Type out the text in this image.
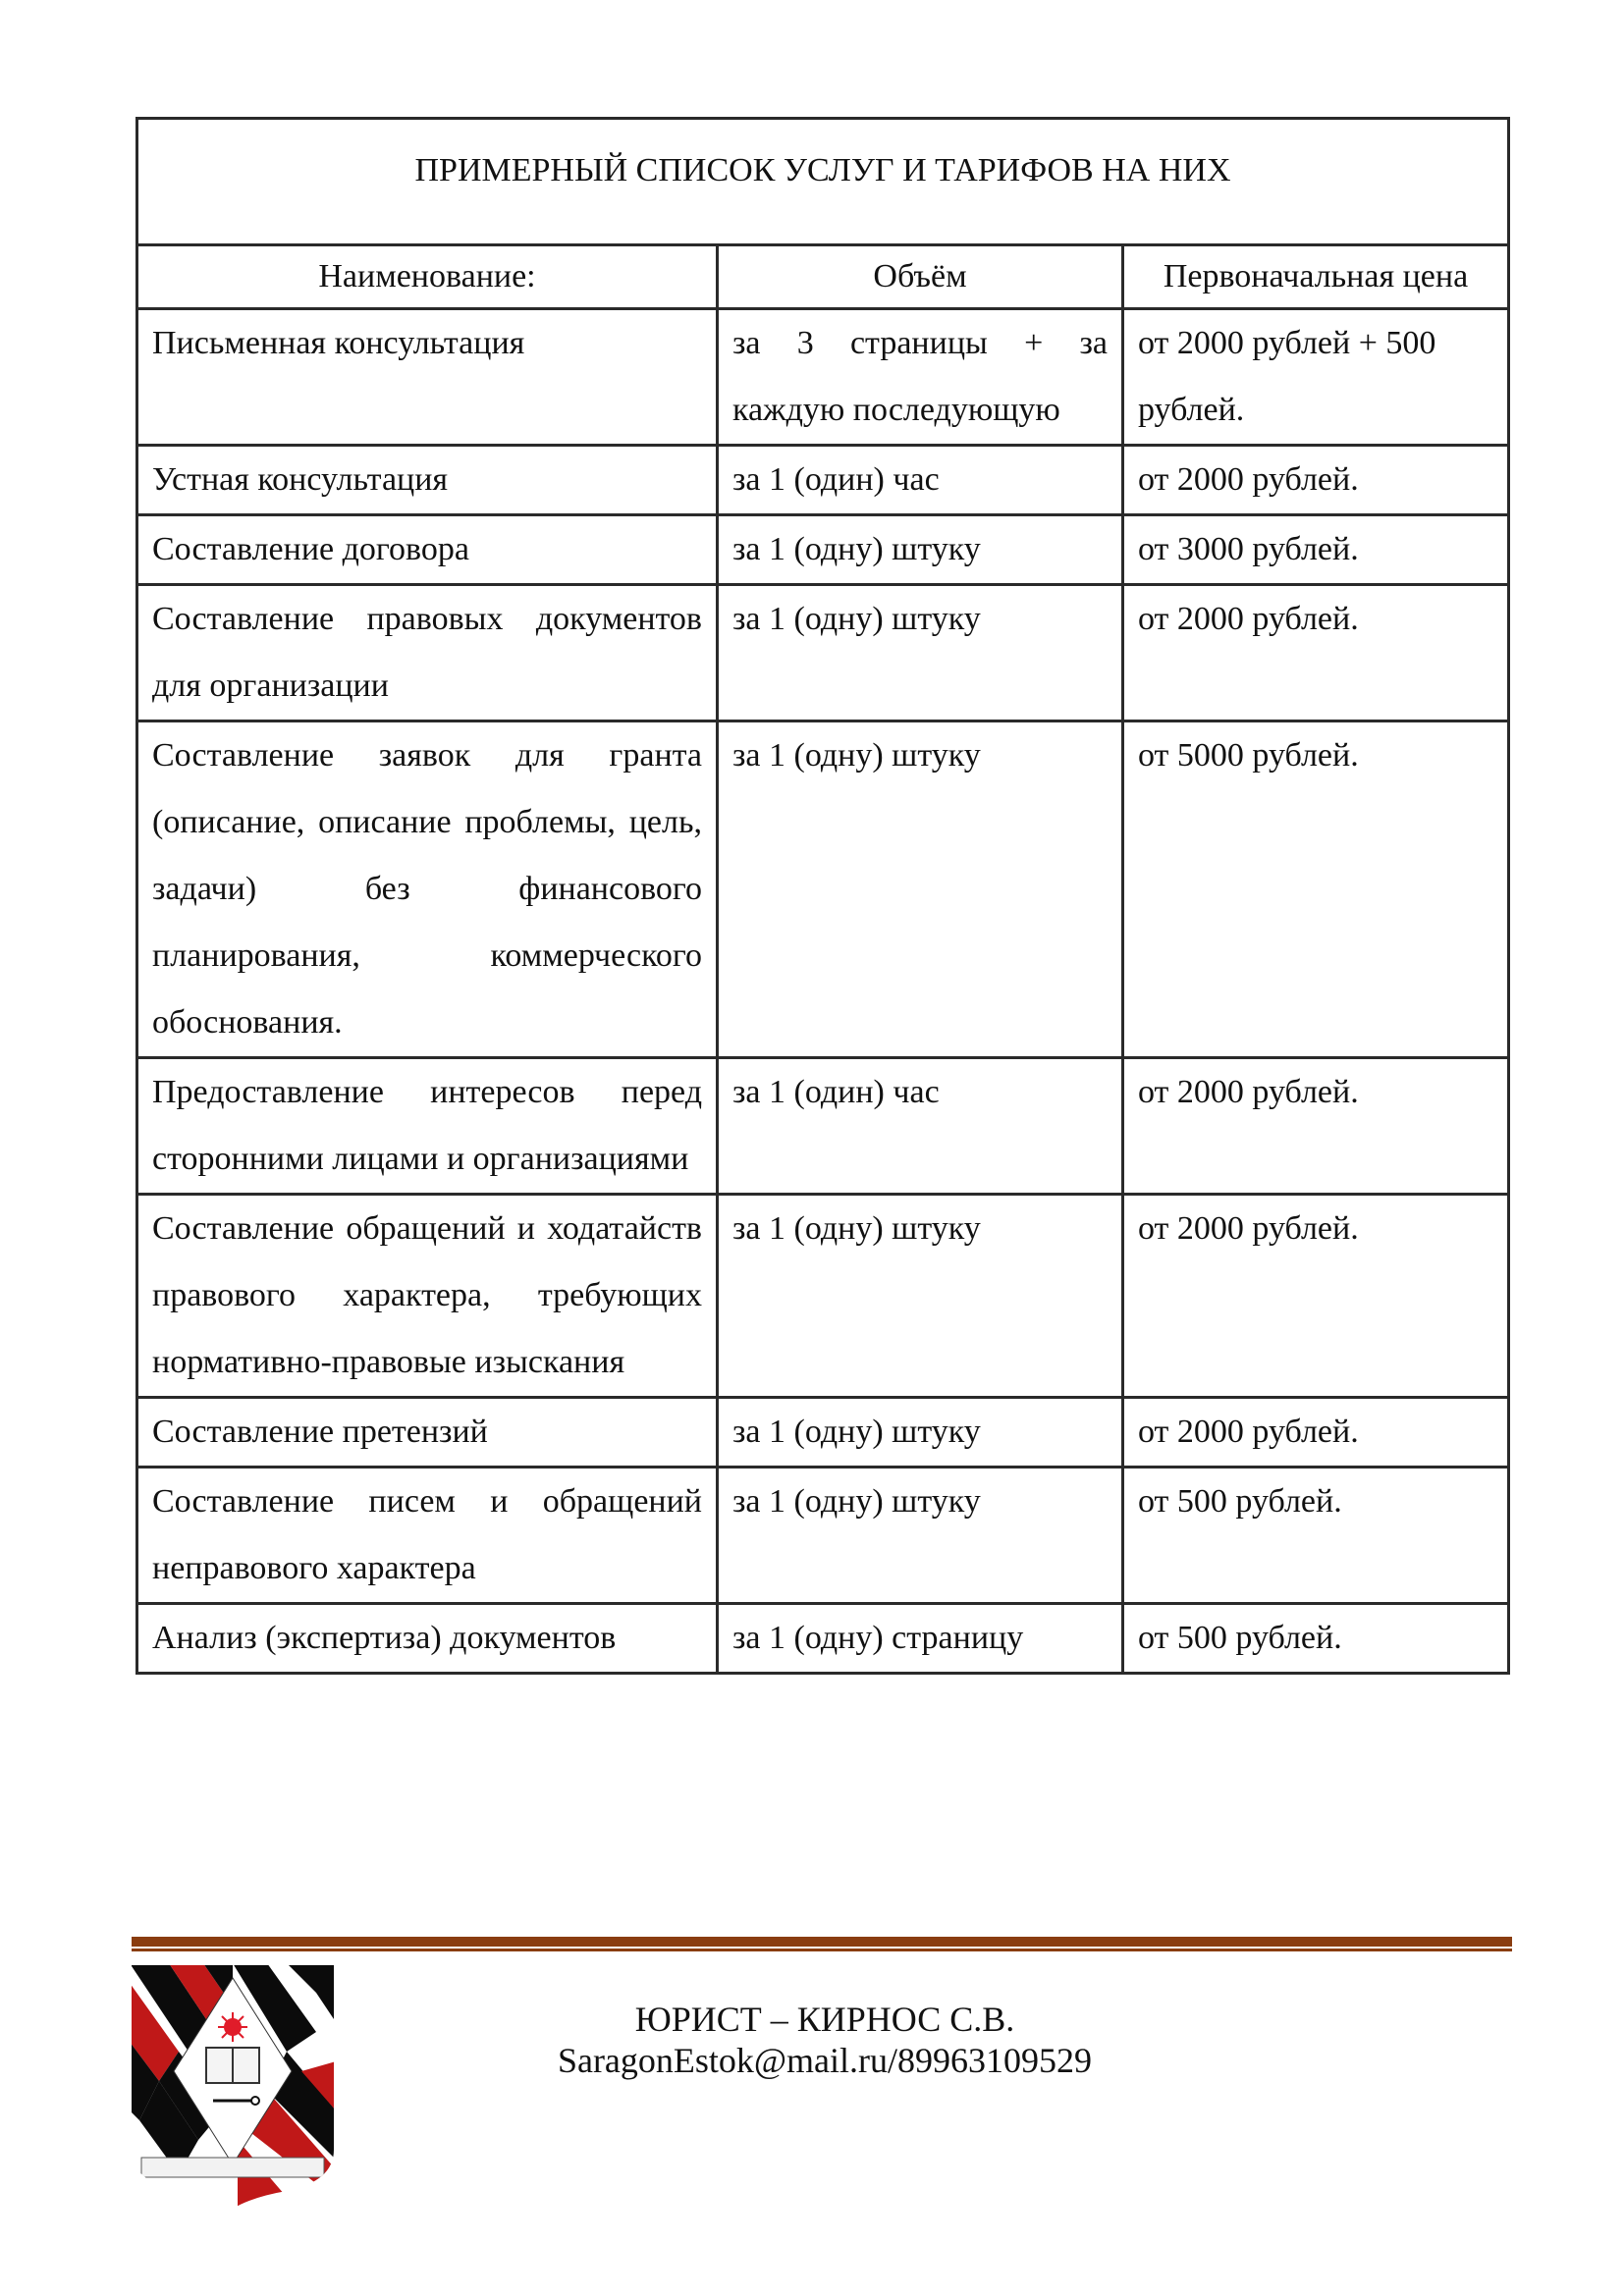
ПРИМЕРНЫЙ СПИСОК УСЛУГ И ТАРИФОВ НА НИХ		
Наименование:	Объём	Первоначальная цена
Письменная консультация	за 3 страницы + за каждую последующую	от 2000 рублей + 500 рублей.
Устная консультация	за 1 (один) час	от 2000 рублей.
Составление договора	за 1 (одну) штуку	от 3000 рублей.
Составление правовых документов для организации	за 1 (одну) штуку	от 2000 рублей.
Составление заявок для гранта (описание, описание проблемы, цель, задачи) без финансового планирования, коммерческого обоснования.	за 1 (одну) штуку	от 5000 рублей.
Предоставление интересов перед сторонними лицами и организациями	за 1 (один) час	от 2000 рублей.
Составление обращений и ходатайств правового характера, требующих нормативно-правовые изыскания	за 1 (одну) штуку	от 2000 рублей.
Составление претензий	за 1 (одну) штуку	от 2000 рублей.
Составление писем и обращений неправового характера	за 1 (одну) штуку	от 500 рублей.
Анализ (экспертиза) документов	за 1 (одну) страницу	от 500 рублей.
ЮРИСТ – КИРНОС С.В.
SaragonEstok@mail.ru/89963109529
